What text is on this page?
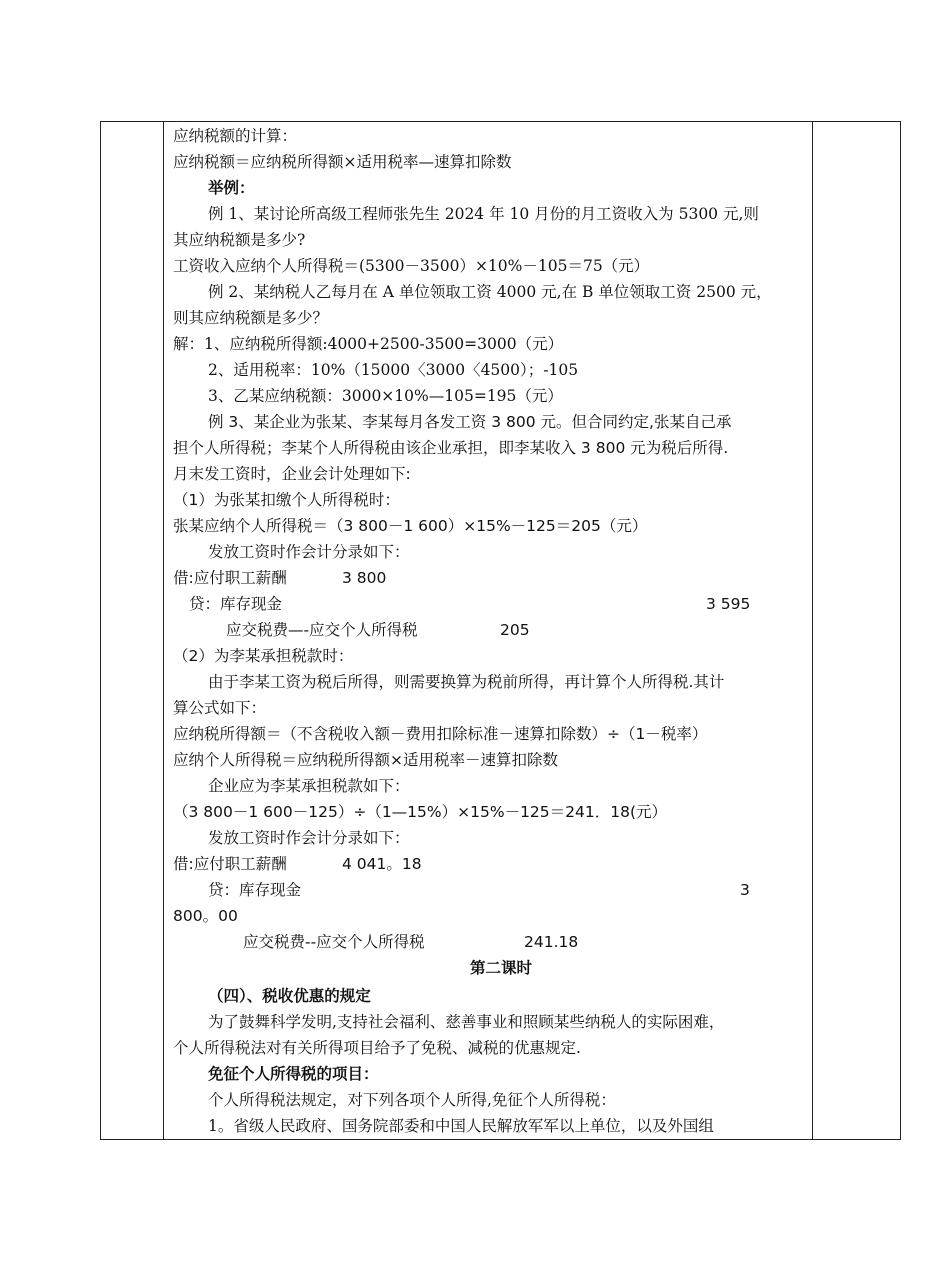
应纳税额的计算：
应纳税额＝应纳税所得额×适用税率—速算扣除数
举例：
例 1、某讨论所高级工程师张先生 2024 年 10 月份的月工资收入为 5300 元,则
其应纳税额是多少?
工资收入应纳个人所得税＝(5300－3500）×10%－105＝75（元）
例 2、某纳税人乙每月在 A 单位领取工资 4000 元,在 B 单位领取工资 2500 元，
则其应纳税额是多少？
解：1、应纳税所得额:4000+2500-3500=3000（元）
2、适用税率：10%（15000〈3000〈4500）；-105
3、乙某应纳税额：3000×10%—105=195（元）
例 3、某企业为张某、李某每月各发工资 3 800 元。但合同约定,张某自己承
担个人所得税；李某个人所得税由该企业承担，即李某收入 3 800 元为税后所得.
月末发工资时，企业会计处理如下:
（1）为张某扣缴个人所得税时：
张某应纳个人所得税＝（3 800－1 600）×15%－125＝205（元）
发放工资时作会计分录如下：
借:应付职工薪酬	3 800
贷：库存现金	3 595
应交税费—-应交个人所得税	205
（2）为李某承担税款时：
由于李某工资为税后所得，则需要换算为税前所得，再计算个人所得税.其计
算公式如下：
应纳税所得额＝（不含税收入额－费用扣除标准－速算扣除数）÷（1－税率）
应纳个人所得税＝应纳税所得额×适用税率－速算扣除数
企业应为李某承担税款如下：
（3 800－1 600－125）÷（1—15%）×15%－125＝241．18(元）
发放工资时作会计分录如下：
借:应付职工薪酬	4 041。18
贷：库存现金	3
800。00
应交税费--应交个人所得税	241.18
第二课时
（四）、税收优惠的规定
为了鼓舞科学发明,支持社会福利、慈善事业和照顾某些纳税人的实际困难，
个人所得税法对有关所得项目给予了免税、减税的优惠规定.
免征个人所得税的项目：
个人所得税法规定，对下列各项个人所得,免征个人所得税：
1。省级人民政府、国务院部委和中国人民解放军军以上单位，以及外国组
